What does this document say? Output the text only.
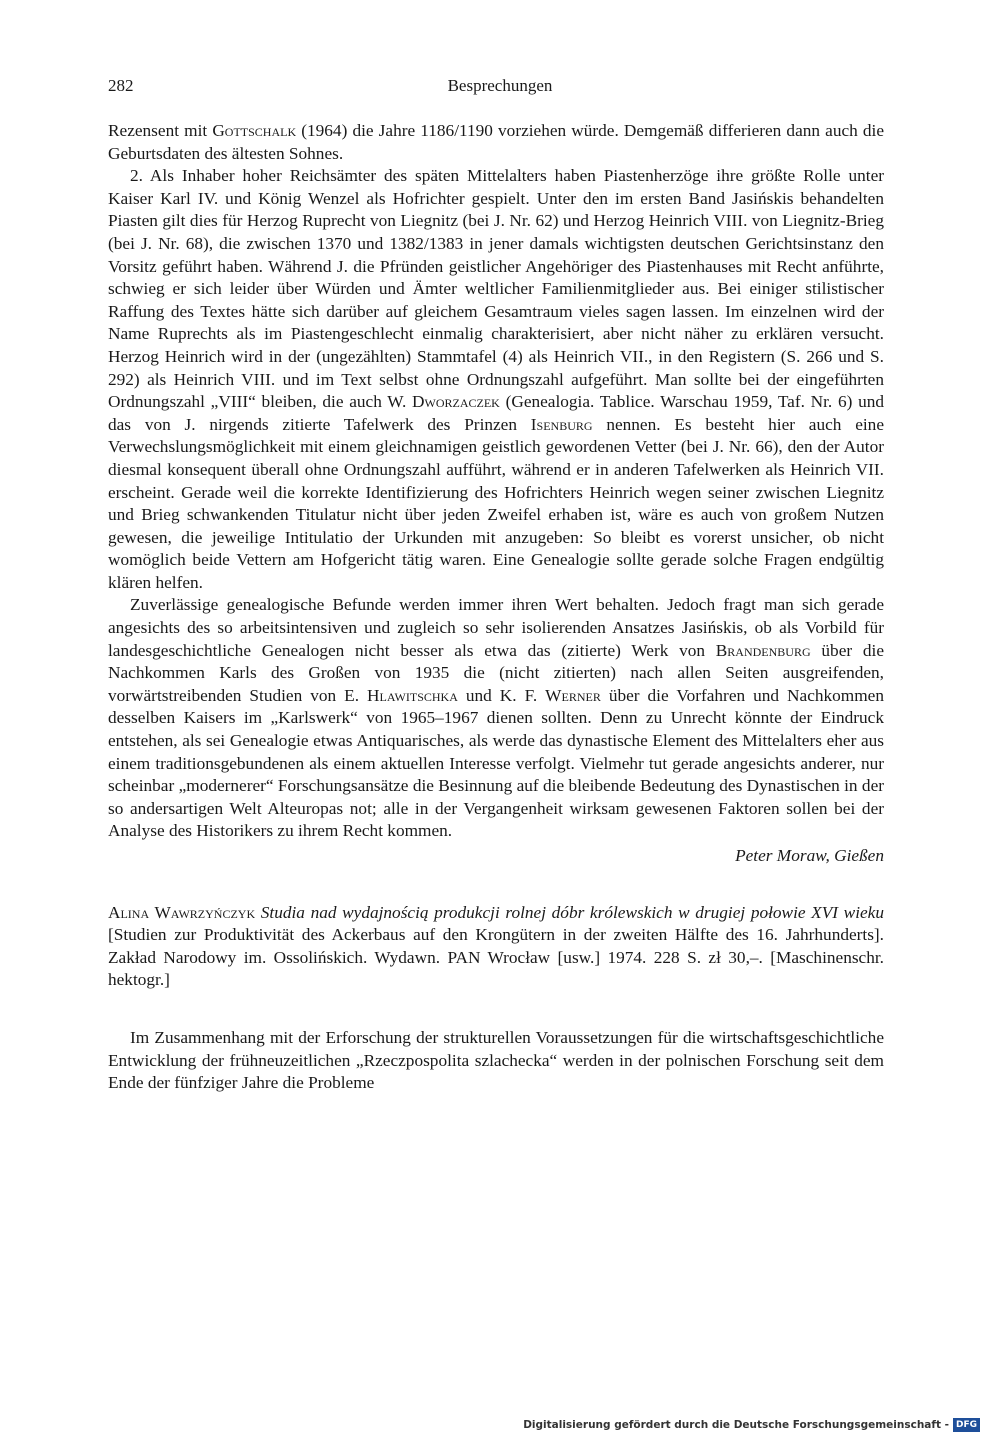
282	Besprechungen

Rezensent mit Gottschalk (1964) die Jahre 1186/1190 vorziehen würde. Demgemäß differieren dann auch die Geburtsdaten des ältesten Sohnes.

2. Als Inhaber hoher Reichsämter des späten Mittelalters haben Piastenherzöge ihre größte Rolle unter Kaiser Karl IV. und König Wenzel als Hofrichter gespielt. Unter den im ersten Band Jasińskis behandelten Piasten gilt dies für Herzog Ruprecht von Liegnitz (bei J. Nr. 62) und Herzog Heinrich VIII. von Liegnitz-Brieg (bei J. Nr. 68), die zwischen 1370 und 1382/1383 in jener damals wichtigsten deutschen Gerichtsinstanz den Vorsitz geführt haben. Während J. die Pfründen geistlicher Angehöriger des Piastenhauses mit Recht anführte, schwieg er sich leider über Würden und Ämter weltlicher Familienmitglieder aus. Bei einiger stilistischer Raffung des Textes hätte sich darüber auf gleichem Gesamtraum vieles sagen lassen. Im einzelnen wird der Name Ruprechts als im Piastengeschlecht einmalig charakterisiert, aber nicht näher zu erklären versucht. Herzog Heinrich wird in der (ungezählten) Stammtafel (4) als Heinrich VII., in den Registern (S. 266 und S. 292) als Heinrich VIII. und im Text selbst ohne Ordnungszahl aufgeführt. Man sollte bei der eingeführten Ordnungszahl „VIII“ bleiben, die auch W. Dworzaczek (Genealogia. Tablice. Warschau 1959, Taf. Nr. 6) und das von J. nirgends zitierte Tafelwerk des Prinzen Isenburg nennen. Es besteht hier auch eine Verwechslungsmöglichkeit mit einem gleichnamigen geistlich gewordenen Vetter (bei J. Nr. 66), den der Autor diesmal konsequent überall ohne Ordnungszahl aufführt, während er in anderen Tafelwerken als Heinrich VII. erscheint. Gerade weil die korrekte Identifizierung des Hofrichters Heinrich wegen seiner zwischen Liegnitz und Brieg schwankenden Titulatur nicht über jeden Zweifel erhaben ist, wäre es auch von großem Nutzen gewesen, die jeweilige Intitulatio der Urkunden mit anzugeben: So bleibt es vorerst unsicher, ob nicht womöglich beide Vettern am Hofgericht tätig waren. Eine Genealogie sollte gerade solche Fragen endgültig klären helfen.

Zuverlässige genealogische Befunde werden immer ihren Wert behalten. Jedoch fragt man sich gerade angesichts des so arbeitsintensiven und zugleich so sehr isolierenden Ansatzes Jasińskis, ob als Vorbild für landesgeschichtliche Genealogen nicht besser als etwa das (zitierte) Werk von Brandenburg über die Nachkommen Karls des Großen von 1935 die (nicht zitierten) nach allen Seiten ausgreifenden, vorwärtstreibenden Studien von E. Hlawitschka und K. F. Werner über die Vorfahren und Nachkommen desselben Kaisers im „Karlswerk“ von 1965–1967 dienen sollten. Denn zu Unrecht könnte der Eindruck entstehen, als sei Genealogie etwas Antiquarisches, als werde das dynastische Element des Mittelalters eher aus einem traditionsgebundenen als einem aktuellen Interesse verfolgt. Vielmehr tut gerade angesichts anderer, nur scheinbar „modernerer“ Forschungsansätze die Besinnung auf die bleibende Bedeutung des Dynastischen in der so andersartigen Welt Alteuropas not; alle in der Vergangenheit wirksam gewesenen Faktoren sollen bei der Analyse des Historikers zu ihrem Recht kommen.

Peter Moraw, Gießen

Alina Wawrzyńczyk Studia nad wydajnością produkcji rolnej dóbr królewskich w drugiej połowie XVI wieku [Studien zur Produktivität des Ackerbaus auf den Krongütern in der zweiten Hälfte des 16. Jahrhunderts]. Zakład Narodowy im. Ossolińskich. Wydawn. PAN Wrocław [usw.] 1974. 228 S. zł 30,–. [Maschinenschr. hektogr.]

Im Zusammenhang mit der Erforschung der strukturellen Voraussetzungen für die wirtschaftsgeschichtliche Entwicklung der frühneuzeitlichen „Rzeczpospolita szlachecka“ werden in der polnischen Forschung seit dem Ende der fünfziger Jahre die Probleme

Digitalisierung gefördert durch die Deutsche Forschungsgemeinschaft - DFG
